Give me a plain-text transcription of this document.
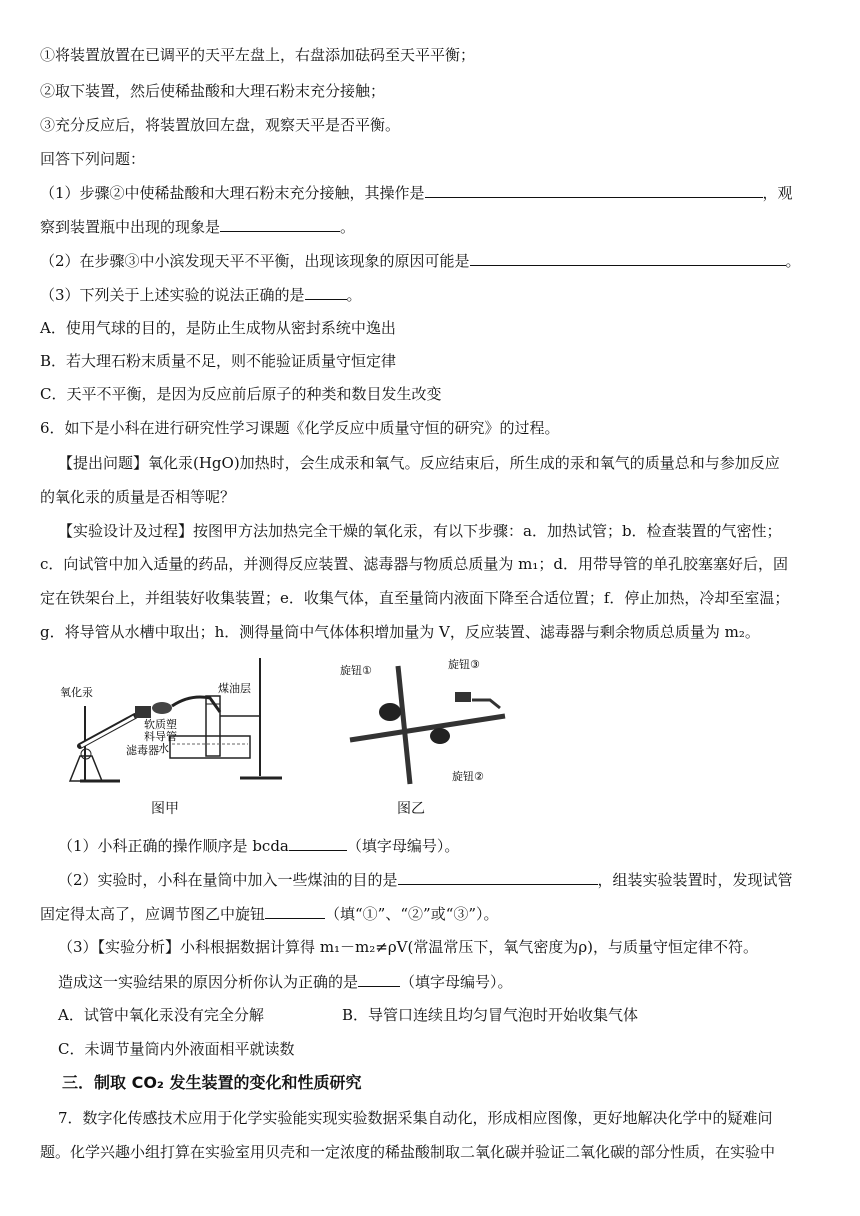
①将装置放置在已调平的天平左盘上，右盘添加砝码至天平平衡；
②取下装置，然后使稀盐酸和大理石粉末充分接触；
③充分反应后，将装置放回左盘，观察天平是否平衡。
回答下列问题：
（1）步骤②中使稀盐酸和大理石粉末充分接触，其操作是	，观
察到装置瓶中出现的现象是	。
（2）在步骤③中小滨发现天平不平衡，出现该现象的原因可能是	。
（3）下列关于上述实验的说法正确的是	。
A．使用气球的目的，是防止生成物从密封系统中逸出
B．若大理石粉末质量不足，则不能验证质量守恒定律
C．天平不平衡，是因为反应前后原子的种类和数目发生改变
6．如下是小科在进行研究性学习课题《化学反应中质量守恒的研究》的过程。
【提出问题】氧化汞(HgO)加热时，会生成汞和氧气。反应结束后，所生成的汞和氧气的质量总和与参加反应
的氧化汞的质量是否相等呢？
【实验设计及过程】按图甲方法加热完全干燥的氧化汞，有以下步骤：a．加热试管；b．检查装置的气密性；
c．向试管中加入适量的药品，并测得反应装置、滤毒器与物质总质量为 m₁；d．用带导管的单孔胶塞塞好后，固
定在铁架台上，并组装好收集装置；e．收集气体，直至量筒内液面下降至合适位置；f．停止加热，冷却至室温；
g．将导管从水槽中取出；h．测得量筒中气体体积增加量为 V，反应装置、滤毒器与剩余物质总质量为 m₂。
氧化汞
软质塑
料导管
滤毒器 水
煤油层
图甲
旋钮①	旋钮③
旋钮②
图乙
（1）小科正确的操作顺序是 bcda	（填字母编号）。
（2）实验时，小科在量筒中加入一些煤油的目的是	，组装实验装置时，发现试管
固定得太高了，应调节图乙中旋钮	（填“①”、“②”或“③”）。
（3）【实验分析】小科根据数据计算得 m₁－m₂≠ρV(常温常压下，氧气密度为ρ)，与质量守恒定律不符。
造成这一实验结果的原因分析你认为正确的是	（填字母编号）。
A．试管中氧化汞没有完全分解	B．导管口连续且均匀冒气泡时开始收集气体
C．未调节量筒内外液面相平就读数
三．制取 CO₂ 发生装置的变化和性质研究
7．数字化传感技术应用于化学实验能实现实验数据采集自动化，形成相应图像，更好地解决化学中的疑难问
题。化学兴趣小组打算在实验室用贝壳和一定浓度的稀盐酸制取二氧化碳并验证二氧化碳的部分性质，在实验中
